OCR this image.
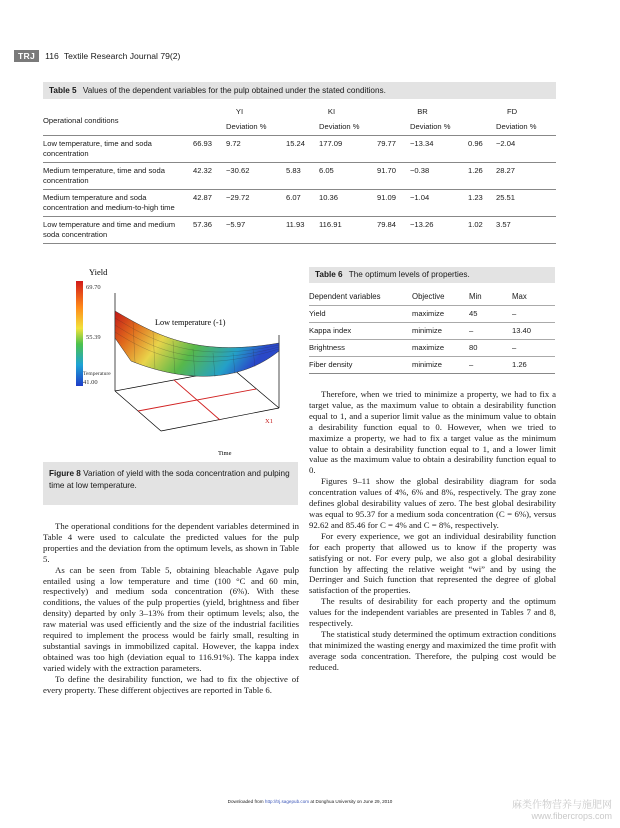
TRJ	116 Textile Research Journal 79(2)
Table 5 Values of the dependent variables for the pulp obtained under the stated conditions.
Operational conditions	YI		KI		BR		FD	
		Deviation %		Deviation %		Deviation %		Deviation %
Low temperature, time and soda concentration	66.93	9.72	15.24	177.09	79.77	−13.34	0.96	−2.04
Medium temperature, time and soda concentration	42.32	−30.62	5.83	6.05	91.70	−0.38	1.26	28.27
Medium temperature and soda concentration and medium-to-high time	42.87	−29.72	6.07	10.36	91.09	−1.04	1.23	25.51
Low temperature and time and medium soda concentration	57.36	−5.97	11.93	116.91	79.84	−13.26	1.02	3.57
Yield
69.70
55.39
Temperature
41.00
Low temperature (-1)
X1
Time
Figure 8 Variation of yield with the soda concentration and pulping time at low temperature.
Table 6 The optimum levels of properties.
Dependent variables	Objective	Min	Max
Yield	maximize	45	–
Kappa index	minimize	–	13.40
Brightness	maximize	80	–
Fiber density	minimize	–	1.26

The operational conditions for the dependent variables determined in Table 4 were used to calculate the predicted values for the pulp properties and the deviation from the optimum levels, as shown in Table 5.

As can be seen from Table 5, obtaining bleachable Agave pulp entailed using a low temperature and time (100 °C and 60 min, respectively) and medium soda concentration (6%). With these conditions, the values of the pulp properties (yield, brightness and fiber density) departed by only 3–13% from their optimum levels; also, the raw material was used efficiently and the size of the industrial facilities required to implement the process would be fairly small, resulting in substantial savings in immobilized capital. However, the kappa index obtained was too high (deviation equal to 116.91%). The kappa index varied widely with the extraction parameters.

To define the desirability function, we had to fix the objective of every property. These different objectives are reported in Table 6.

Therefore, when we tried to minimize a property, we had to fix a target value, as the maximum value to obtain a desirability function equal to 1, and a superior limit value as the minimum value to obtain a desirability function equal to 0. However, when we tried to maximize a property, we had to fix a target value as the minimum value to obtain a desirability function equal to 1, and a lower limit value as the maximum value to obtain a desirability function equal to 0.

Figures 9–11 show the global desirability diagram for soda concentration values of 4%, 6% and 8%, respectively. The gray zone defines global desirability values of zero. The best global desirability was equal to 95.37 for a medium soda concentration (C = 6%), versus 92.62 and 85.46 for C = 4% and C = 8%, respectively.

For every experience, we got an individual desirability function for each property that allowed us to know if the property was satisfying or not. For every pulp, we also got a global desirability function by affecting the relative weight “wi” and by using the Derringer and Suich function that represented the degree of global satisfaction of the properties.

The results of desirability for each property and the optimum values for the independent variables are presented in Tables 7 and 8, respectively.

The statistical study determined the optimum extraction conditions that minimized the wasting energy and maximized the time profit with average soda concentration. Therefore, the pulping cost would be reduced.

Downloaded from http://trj.sagepub.com at Donghua University on June 29, 2010	麻类作物营养与施肥网
www.fibercrops.com
